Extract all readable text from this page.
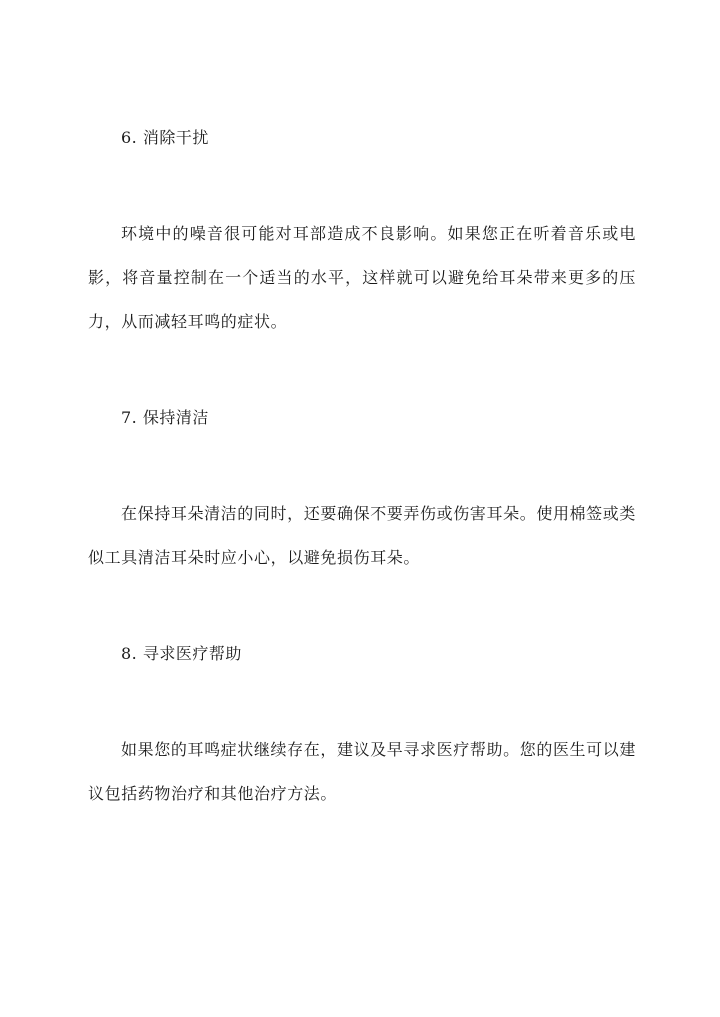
6. 消除干扰
环境中的噪音很可能对耳部造成不良影响。如果您正在听着音乐或电影，将音量控制在一个适当的水平，这样就可以避免给耳朵带来更多的压力，从而减轻耳鸣的症状。
7. 保持清洁
在保持耳朵清洁的同时，还要确保不要弄伤或伤害耳朵。使用棉签或类似工具清洁耳朵时应小心，以避免损伤耳朵。
8. 寻求医疗帮助
如果您的耳鸣症状继续存在，建议及早寻求医疗帮助。您的医生可以建议包括药物治疗和其他治疗方法。
